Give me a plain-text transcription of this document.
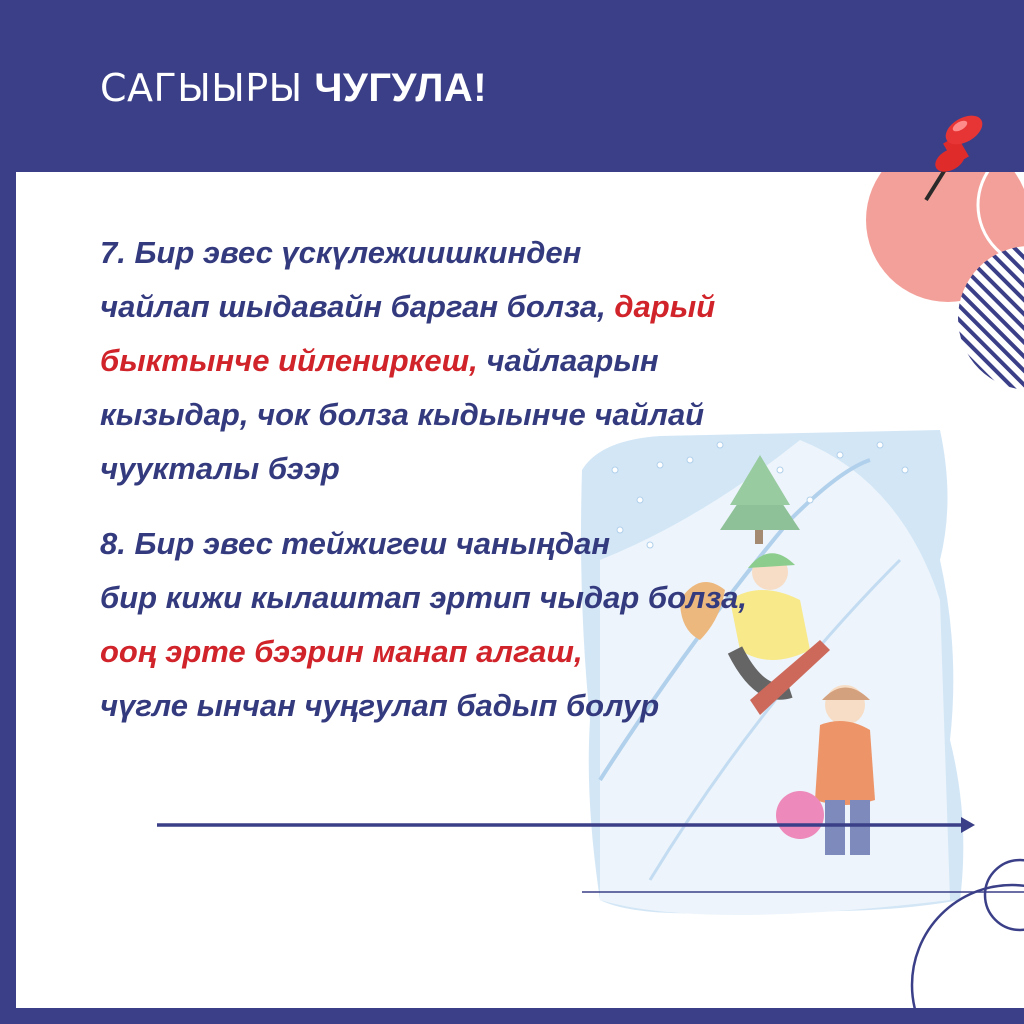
САГЫЫРЫ ЧУГУЛА!
7. Бир эвес үскүлежиишкинден
чайлап шыдавайн барган болза, дарый
быктынче ийлениpкеш, чайлаарын
кызыдар, чок болза кыдыынче чайлай
чуукталы бээр
8. Бир эвес тейжигеш чаныңдан
бир кижи кылаштап эртип чыдар болза,
ооң эрте бээрин манап алгаш,
чүгле ынчан чуңгулап бадып болур
